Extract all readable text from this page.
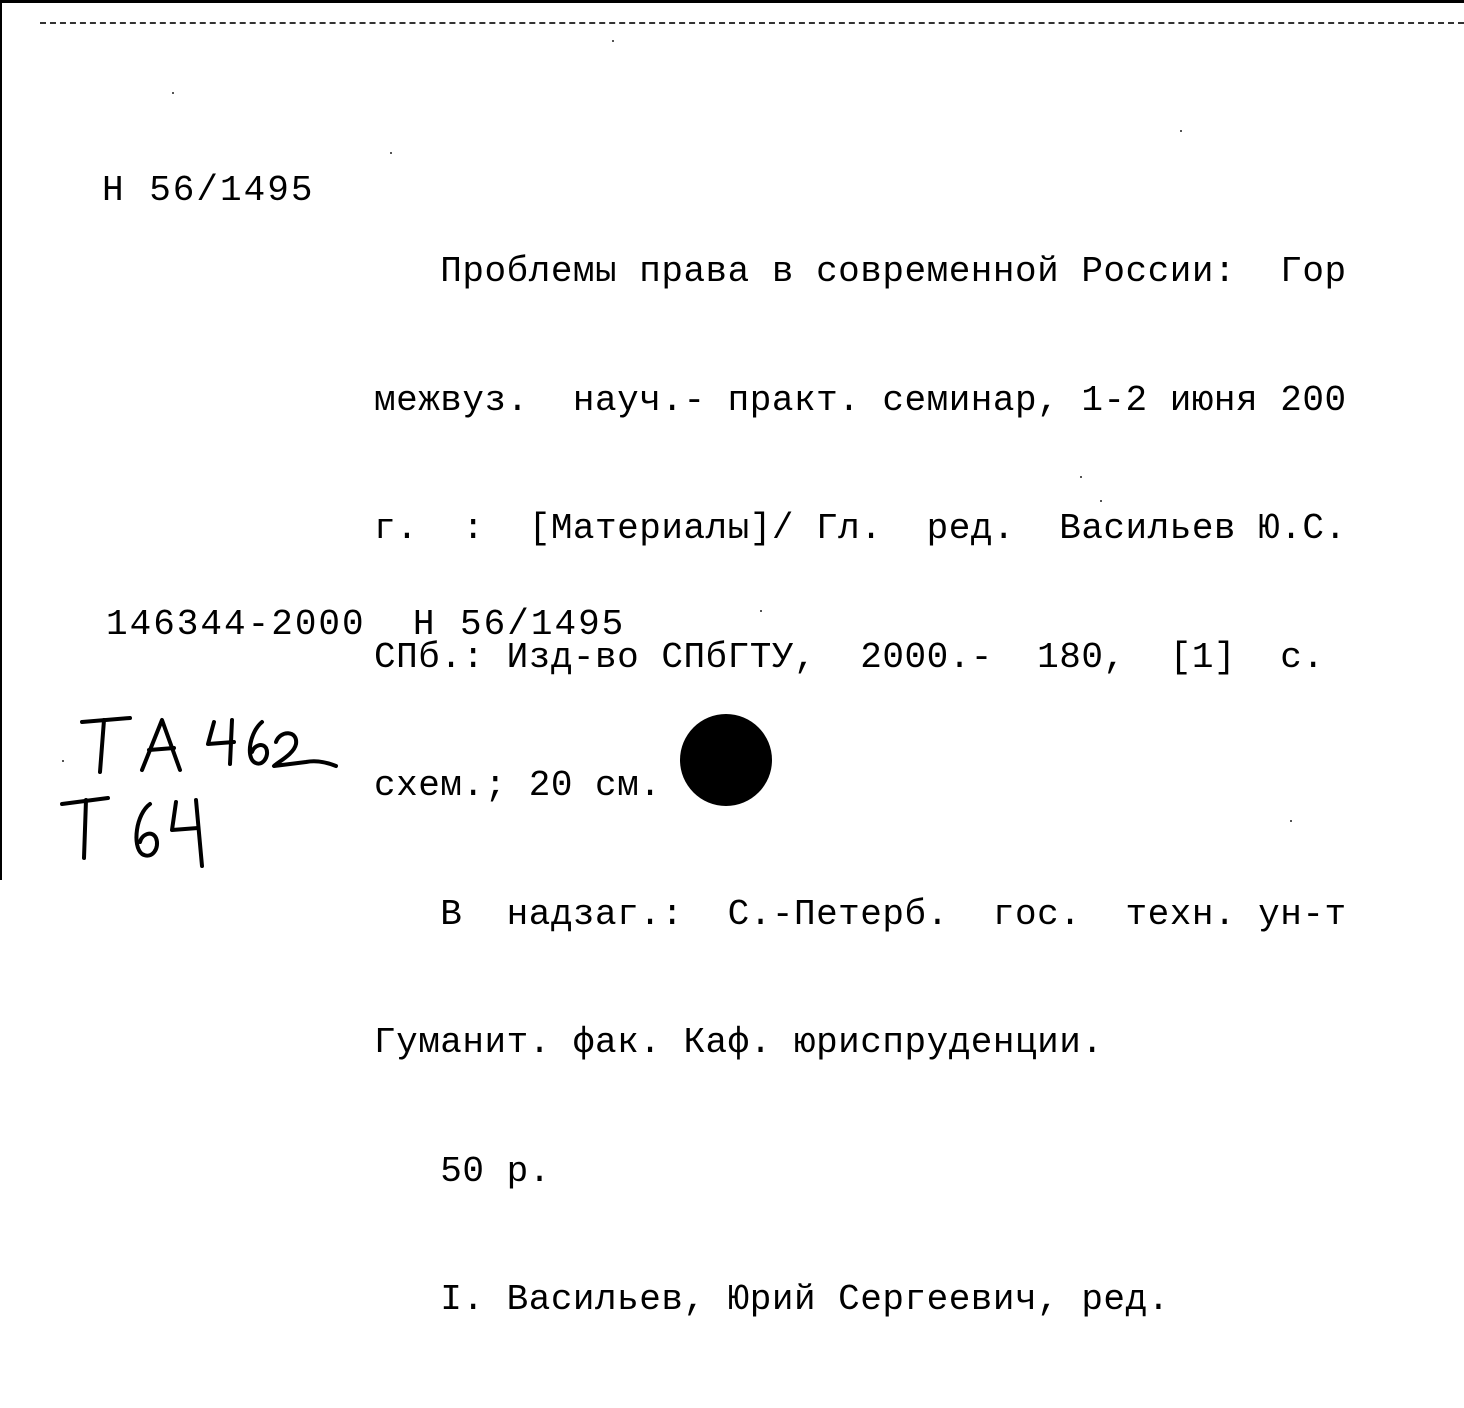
Н 56/1495

Проблемы права в современной России:  Гор

межвуз.  науч.- практ. семинар, 1-2 июня 200

г.  :  [Материалы]/ Гл.  ред.  Васильев Ю.С.

СПб.: Изд-во СПбГТУ,  2000.-  180,  [1]  с.

схем.; 20 см.

В  надзаг.:  С.-Петерб.  гос.  техн. ун-т

Гуманит. фак. Каф. юриспруденции.

50 р.

I. Васильев, Юрий Сергеевич, ред.

146344-2000  Н 56/1495
